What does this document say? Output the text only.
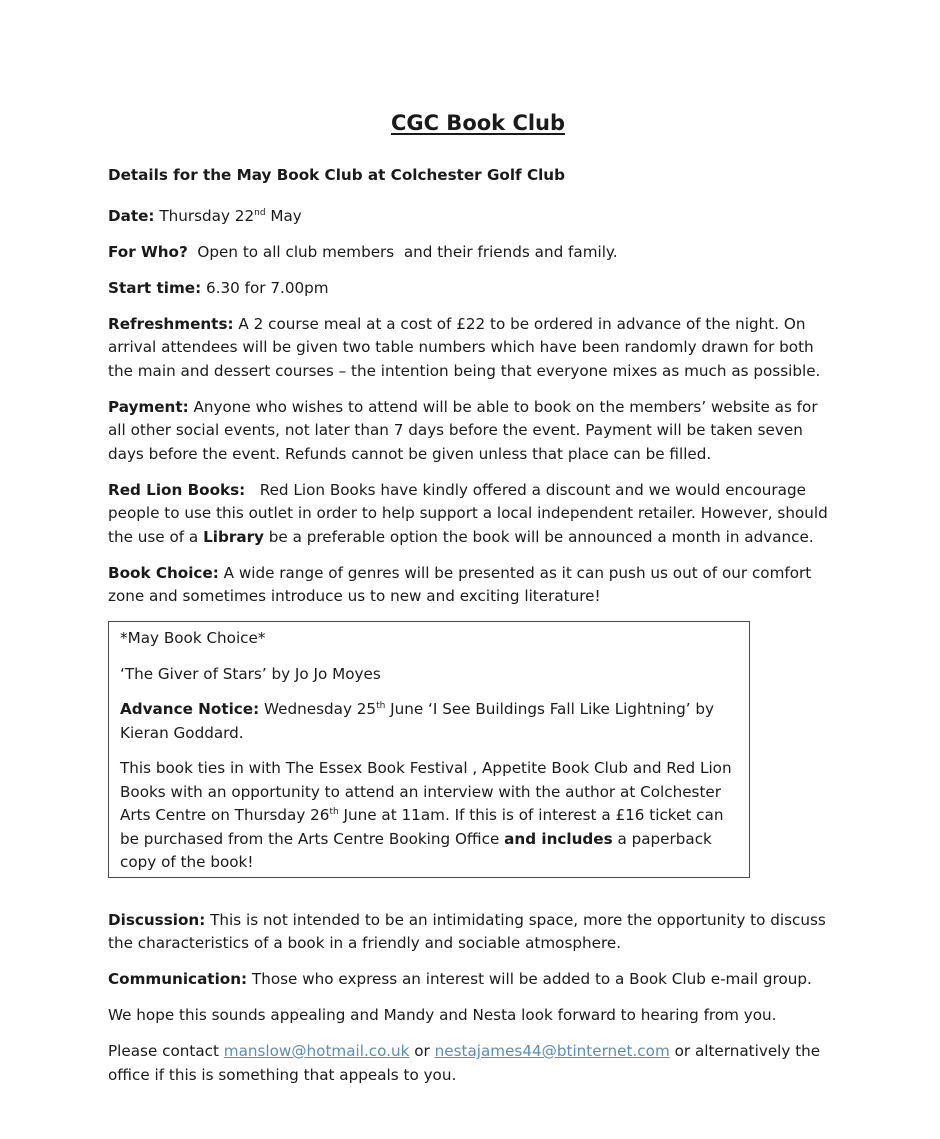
CGC Book Club
Details for the May Book Club at Colchester Golf Club

Date: Thursday 22nd May

For Who?  Open to all club members  and their friends and family.

Start time: 6.30 for 7.00pm

Refreshments: A 2 course meal at a cost of £22 to be ordered in advance of the night. On arrival attendees will be given two table numbers which have been randomly drawn for both the main and dessert courses – the intention being that everyone mixes as much as possible.

Payment: Anyone who wishes to attend will be able to book on the members’ website as for all other social events, not later than 7 days before the event. Payment will be taken seven days before the event. Refunds cannot be given unless that place can be filled.

Red Lion Books:   Red Lion Books have kindly offered a discount and we would encourage people to use this outlet in order to help support a local independent retailer. However, should the use of a Library be a preferable option the book will be announced a month in advance.

Book Choice: A wide range of genres will be presented as it can push us out of our comfort zone and sometimes introduce us to new and exciting literature!

*May Book Choice*

‘The Giver of Stars’ by Jo Jo Moyes

Advance Notice: Wednesday 25th June ‘I See Buildings Fall Like Lightning’ by Kieran Goddard.

This book ties in with The Essex Book Festival , Appetite Book Club and Red Lion Books with an opportunity to attend an interview with the author at Colchester Arts Centre on Thursday 26th June at 11am. If this is of interest a £16 ticket can be purchased from the Arts Centre Booking Office and includes a paperback copy of the book!

Discussion: This is not intended to be an intimidating space, more the opportunity to discuss the characteristics of a book in a friendly and sociable atmosphere.

Communication: Those who express an interest will be added to a Book Club e-mail group.

We hope this sounds appealing and Mandy and Nesta look forward to hearing from you.

Please contact manslow@hotmail.co.uk or nestajames44@btinternet.com or alternatively the office if this is something that appeals to you.
